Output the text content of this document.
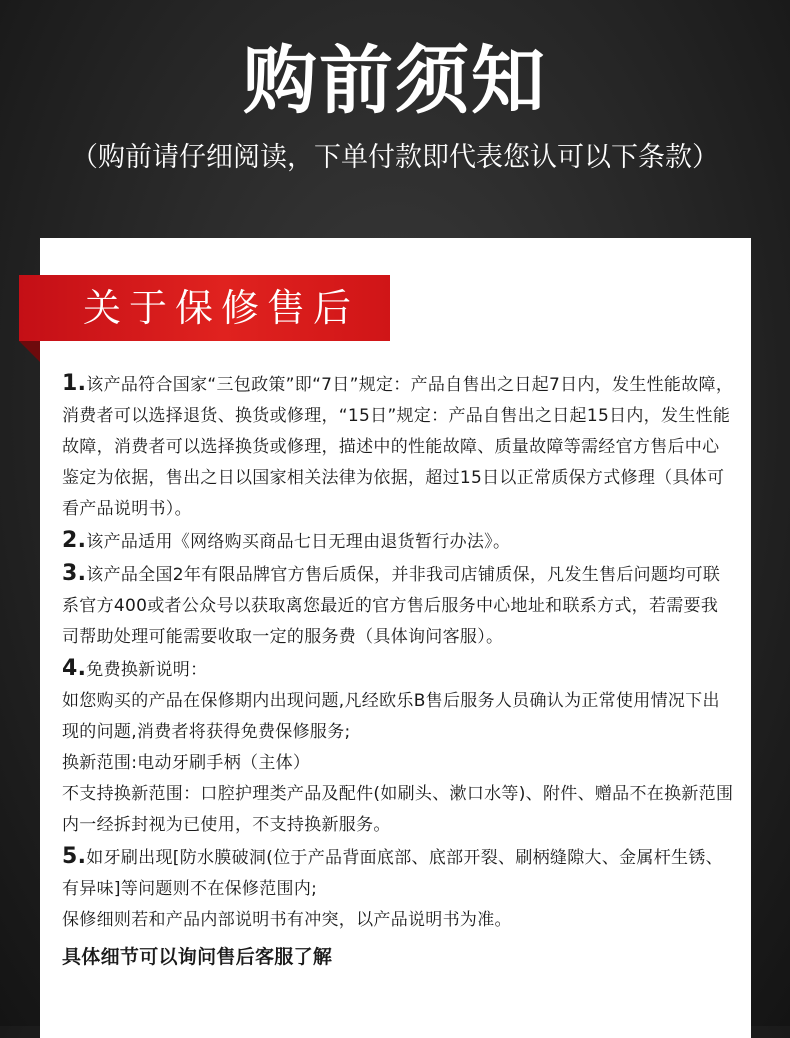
购前须知
（购前请仔细阅读，下单付款即代表您认可以下条款）
关于保修售后

1.该产品符合国家“三包政策”即“7日”规定：产品自售出之日起7日内，发生性能故障，消费者可以选择退货、换货或修理，“15日”规定：产品自售出之日起15日内，发生性能故障，消费者可以选择换货或修理，描述中的性能故障、质量故障等需经官方售后中心鉴定为依据，售出之日以国家相关法律为依据，超过15日以正常质保方式修理（具体可看产品说明书）。

2.该产品适用《网络购买商品七日无理由退货暂行办法》。

3.该产品全国2年有限品牌官方售后质保，并非我司店铺质保，凡发生售后问题均可联系官方400或者公众号以获取离您最近的官方售后服务中心地址和联系方式，若需要我司帮助处理可能需要收取一定的服务费（具体询问客服）。

4.免费换新说明：

如您购买的产品在保修期内出现问题,凡经欧乐B售后服务人员确认为正常使用情况下出现的问题,消费者将获得免费保修服务;

换新范围:电动牙刷手柄（主体）

不支持换新范围：口腔护理类产品及配件(如刷头、漱口水等)、附件、赠品不在换新范围内一经拆封视为已使用，不支持换新服务。

5.如牙刷出现[防水膜破洞(位于产品背面底部、底部开裂、刷柄缝隙大、金属杆生锈、有异味]等问题则不在保修范围内;

保修细则若和产品内部说明书有冲突，以产品说明书为准。

具体细节可以询问售后客服了解
